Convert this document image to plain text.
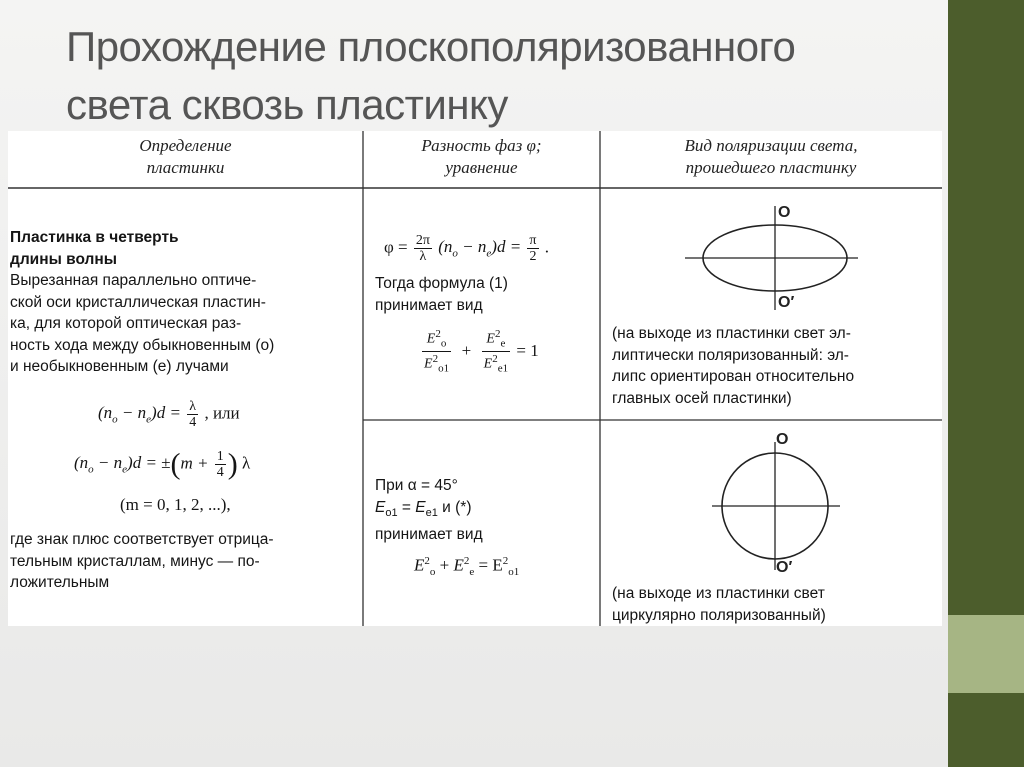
Прохождение плоскополяризованного
света сквозь пластинку
Определение
пластинки
Разность фаз φ;
уравнение
Вид поляризации света,
прошедшего пластинку
Пластинка в четверть
длины волны
Вырезанная параллельно оптиче-
ской оси кристаллическая пластин-
ка, для которой оптическая раз-
ность хода между обыкновенным (o)
и необыкновенным (e) лучами
$(n_o - n_e)d = \frac{\lambda}{4}$ , или
$(n_o - n_e)d = \pm(m + \frac{1}{4}$ ) λ
(m = 0, 1, 2, ...),
где знак плюс соответствует отрица-
тельным кристаллам, минус — по-
ложительным
$\varphi = \frac{2\pi}{\lambda} (n_o - n_e)d = \frac{\pi}{2}$ .
Тогда формула (1)
принимает вид
$\frac{E^2_o}{E^2_{o1}} + \frac{E^2_e}{E^2_{e1}} = 1$
При α = 45°
$E_{o1} = E_{e1}$ и (*)
принимает вид
$E^2_o + E^2_e = E^2_{o1}$
O
O′
(на выходе из пластинки свет эл-
липтически поляризованный: эл-
липс ориентирован относительно
главных осей пластинки)
O
O′
(на выходе из пластинки свет
циркулярно поляризованный)
